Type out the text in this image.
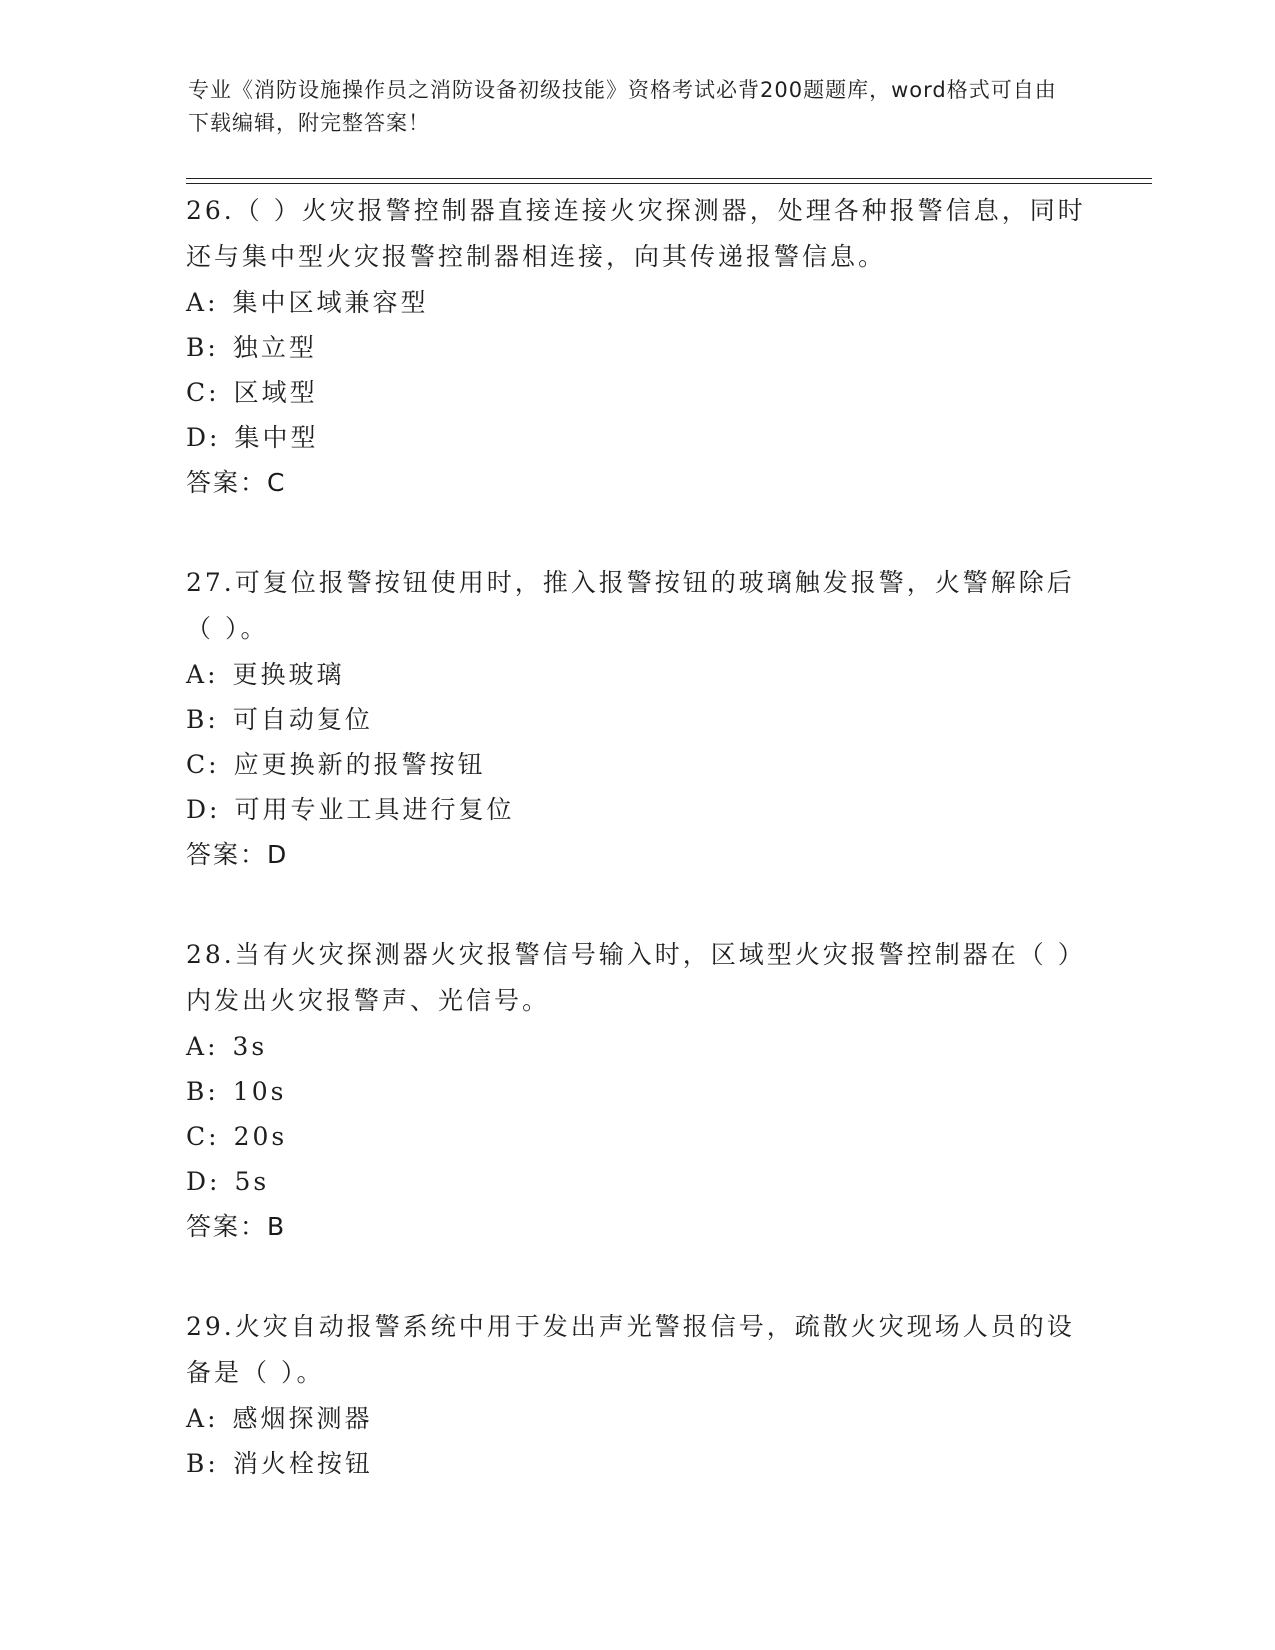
专业《消防设施操作员之消防设备初级技能》资格考试必背200题题库，word格式可自由下载编辑，附完整答案！

26.（ ）火灾报警控制器直接连接火灾探测器，处理各种报警信息，同时还与集中型火灾报警控制器相连接，向其传递报警信息。

A: 集中区域兼容型
B: 独立型
C: 区域型
D: 集中型

答案：C

27.可复位报警按钮使用时，推入报警按钮的玻璃触发报警，火警解除后（ ）。

A: 更换玻璃
B: 可自动复位
C: 应更换新的报警按钮
D: 可用专业工具进行复位

答案：D

28.当有火灾探测器火灾报警信号输入时，区域型火灾报警控制器在（ ）内发出火灾报警声、光信号。

A: 3s
B: 10s
C: 20s
D: 5s

答案：B

29.火灾自动报警系统中用于发出声光警报信号，疏散火灾现场人员的设备是（ ）。

A: 感烟探测器
B: 消火栓按钮
